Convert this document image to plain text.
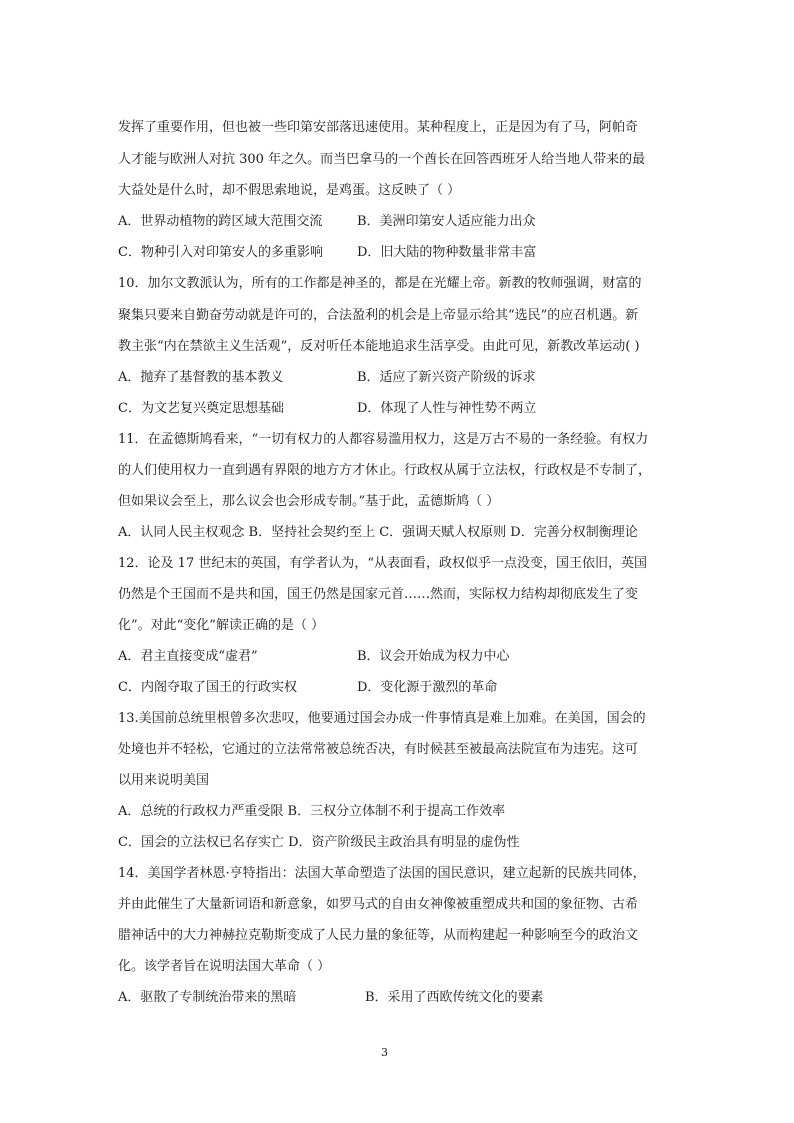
发挥了重要作用，但也被一些印第安部落迅速使用。某种程度上，正是因为有了马，阿帕奇
人才能与欧洲人对抗 300 年之久。而当巴拿马的一个酋长在回答西班牙人给当地人带来的最
大益处是什么时，却不假思索地说，是鸡蛋。这反映了（ ）
A．世界动植物的跨区域大范围交流	B．美洲印第安人适应能力出众
C．物种引入对印第安人的多重影响	D．旧大陆的物种数量非常丰富
10．加尔文教派认为，所有的工作都是神圣的，都是在光耀上帝。新教的牧师强调，财富的
聚集只要来自勤奋劳动就是许可的，合法盈利的机会是上帝显示给其“选民”的应召机遇。新
教主张“内在禁欲主义生活观”，反对听任本能地追求生活享受。由此可见，新教改革运动( )
A．抛弃了基督教的基本教义	B．适应了新兴资产阶级的诉求
C．为文艺复兴奠定思想基础	D．体现了人性与神性势不两立
11．在孟德斯鸠看来，“一切有权力的人都容易滥用权力，这是万古不易的一条经验。有权力
的人们使用权力一直到遇有界限的地方方才休止。行政权从属于立法权，行政权是不专制了，
但如果议会至上，那么议会也会形成专制。”基于此，孟德斯鸠（ ）
A．认同人民主权观念 B．坚持社会契约至上 C．强调天赋人权原则 D．完善分权制衡理论
12．论及 17 世纪末的英国，有学者认为，“从表面看，政权似乎一点没变，国王依旧，英国
仍然是个王国而不是共和国，国王仍然是国家元首……然而，实际权力结构却彻底发生了变
化”。对此“变化”解读正确的是（ ）
A．君主直接变成“虚君”	B．议会开始成为权力中心
C．内阁夺取了国王的行政实权	D．变化源于激烈的革命
13.美国前总统里根曾多次悲叹，他要通过国会办成一件事情真是难上加难。在美国，国会的
处境也并不轻松，它通过的立法常常被总统否决，有时候甚至被最高法院宣布为违宪。这可
以用来说明美国
A．总统的行政权力严重受限 B．三权分立体制不利于提高工作效率
C．国会的立法权已名存实亡 D．资产阶级民主政治具有明显的虚伪性
14．美国学者林恩·亨特指出：法国大革命塑造了法国的国民意识，建立起新的民族共同体，
并由此催生了大量新词语和新意象，如罗马式的自由女神像被重塑成共和国的象征物、古希
腊神话中的大力神赫拉克勒斯变成了人民力量的象征等，从而构建起一种影响至今的政治文
化。该学者旨在说明法国大革命（ ）
A．驱散了专制统治带来的黑暗	B．采用了西欧传统文化的要素
3
